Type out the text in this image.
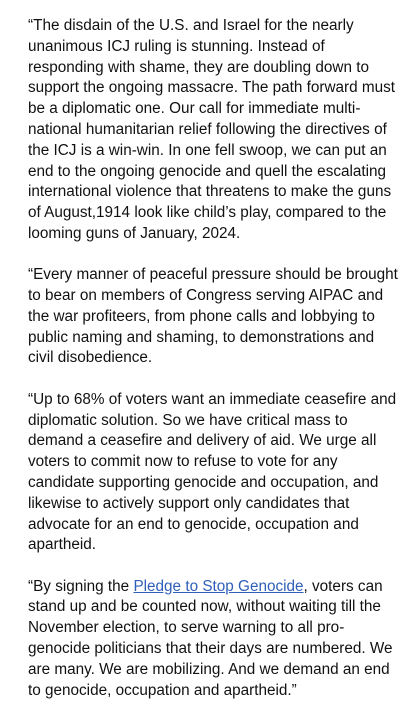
“The disdain of the U.S. and Israel for the nearly unanimous ICJ ruling is stunning. Instead of responding with shame, they are doubling down to support the ongoing massacre. The path forward must be a diplomatic one. Our call for immediate multi-national humanitarian relief following the directives of the ICJ is a win-win. In one fell swoop, we can put an end to the ongoing genocide and quell the escalating international violence that threatens to make the guns of August,1914 look like child’s play, compared to the looming guns of January, 2024.

“Every manner of peaceful pressure should be brought to bear on members of Congress serving AIPAC and the war profiteers, from phone calls and lobbying to public naming and shaming, to demonstrations and civil disobedience.

“Up to 68% of voters want an immediate ceasefire and diplomatic solution. So we have critical mass to demand a ceasefire and delivery of aid. We urge all voters to commit now to refuse to vote for any candidate supporting genocide and occupation, and likewise to actively support only candidates that advocate for an end to genocide, occupation and apartheid.

“By signing the Pledge to Stop Genocide, voters can stand up and be counted now, without waiting till the November election, to serve warning to all pro-genocide politicians that their days are numbered. We are many. We are mobilizing. And we demand an end to genocide, occupation and apartheid.”
